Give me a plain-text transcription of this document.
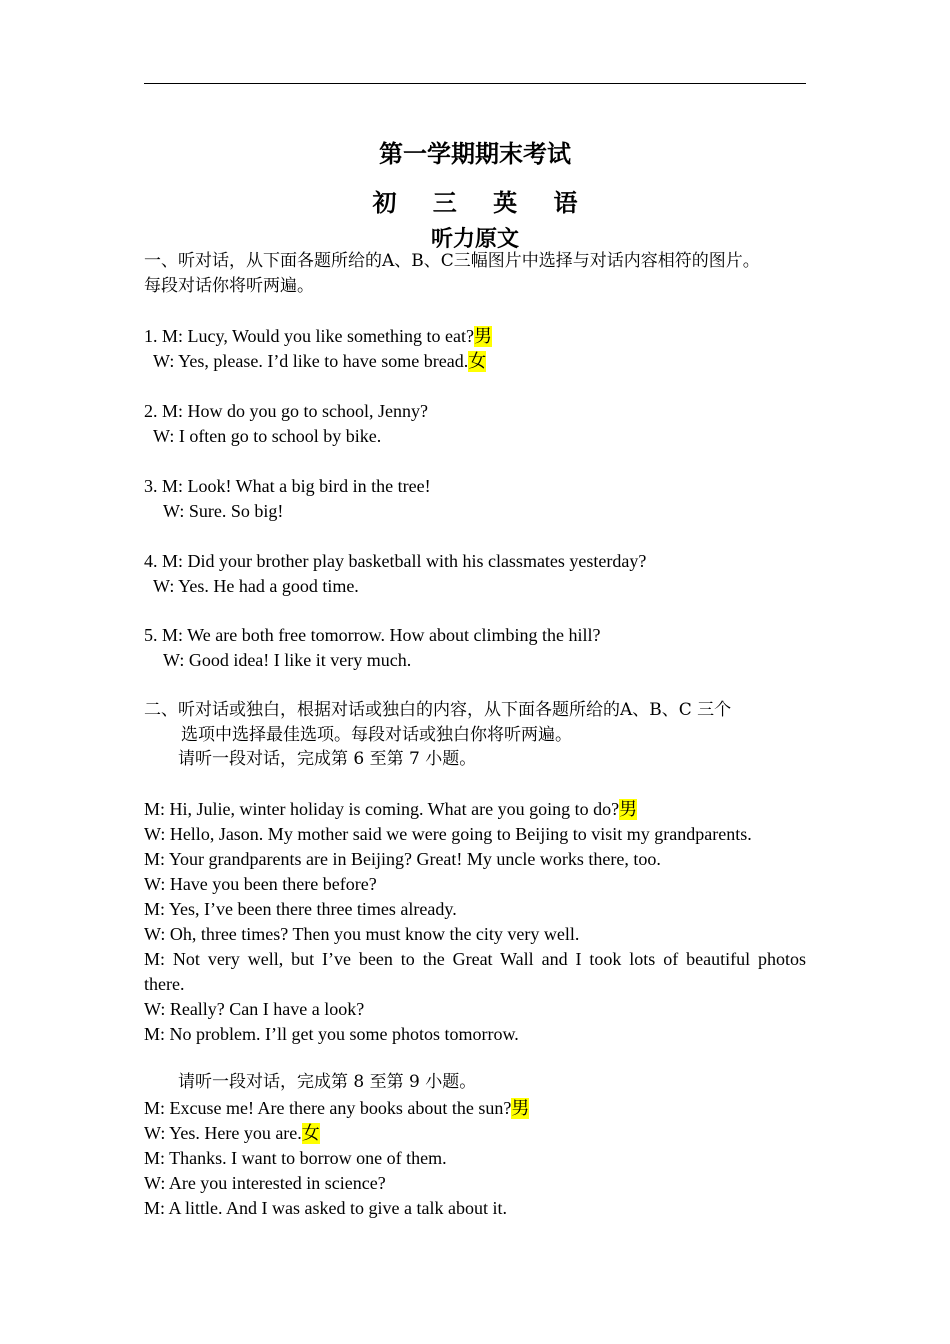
第一学期期末考试
初 三 英 语
听力原文
一、听对话，从下面各题所给的A、B、C三幅图片中选择与对话内容相符的图片。
每段对话你将听两遍。
1. M: Lucy, Would you like something to eat?男
W: Yes, please. I’d like to have some bread.女
2. M: How do you go to school, Jenny?
W: I often go to school by bike.
3. M: Look! What a big bird in the tree!
W: Sure. So big!
4. M: Did your brother play basketball with his classmates yesterday?
W: Yes. He had a good time.
5. M: We are both free tomorrow. How about climbing the hill?
W: Good idea! I like it very much.
二、听对话或独白，根据对话或独白的内容，从下面各题所给的A、B、C 三个
选项中选择最佳选项。每段对话或独白你将听两遍。
请听一段对话，完成第 6 至第 7 小题。
M: Hi, Julie, winter holiday is coming. What are you going to do?男
W: Hello, Jason. My mother said we were going to Beijing to visit my grandparents.
M: Your grandparents are in Beijing? Great! My uncle works there, too.
W: Have you been there before?
M: Yes, I’ve been there three times already.
W: Oh, three times? Then you must know the city very well.
M: Not very well, but I’ve been to the Great Wall and I took lots of beautiful photos
there.
W: Really? Can I have a look?
M: No problem. I’ll get you some photos tomorrow.
请听一段对话，完成第 8 至第 9 小题。
M: Excuse me! Are there any books about the sun?男
W: Yes. Here you are.女
M: Thanks. I want to borrow one of them.
W: Are you interested in science?
M: A little. And I was asked to give a talk about it.
